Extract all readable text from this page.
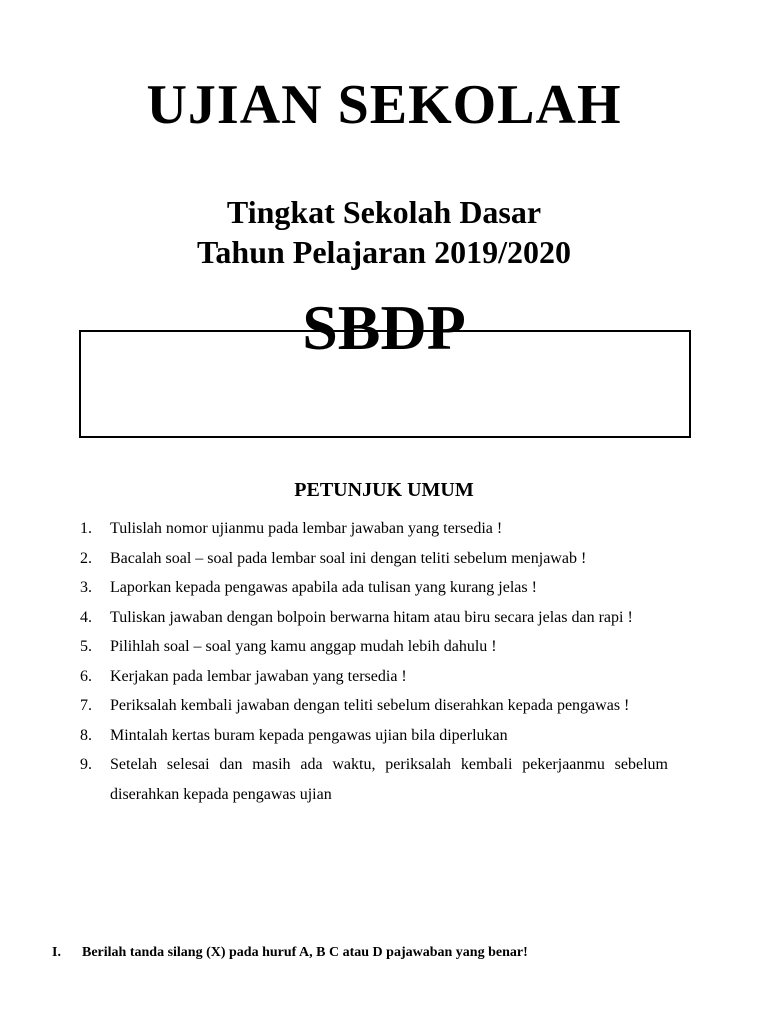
UJIAN SEKOLAH

Tingkat Sekolah Dasar

Tahun Pelajaran 2019/2020

SBDP

PETUNJUK UMUM

1.	Tulislah nomor ujianmu pada lembar jawaban yang tersedia !
2.	Bacalah soal – soal pada lembar soal ini dengan teliti sebelum menjawab !
3.	Laporkan kepada pengawas apabila ada tulisan yang kurang jelas !
4.	Tuliskan jawaban dengan bolpoin berwarna hitam atau biru secara jelas dan rapi !
5.	Pilihlah soal – soal yang kamu anggap mudah lebih dahulu !
6.	Kerjakan pada lembar jawaban yang tersedia !
7.	Periksalah kembali jawaban dengan teliti sebelum diserahkan kepada pengawas !
8.	Mintalah kertas buram kepada pengawas ujian bila diperlukan
9.	Setelah selesai dan masih ada waktu, periksalah kembali pekerjaanmu sebelum diserahkan kepada pengawas ujian
I.	Berilah tanda silang (X) pada huruf A, B C atau D pajawaban yang benar!
